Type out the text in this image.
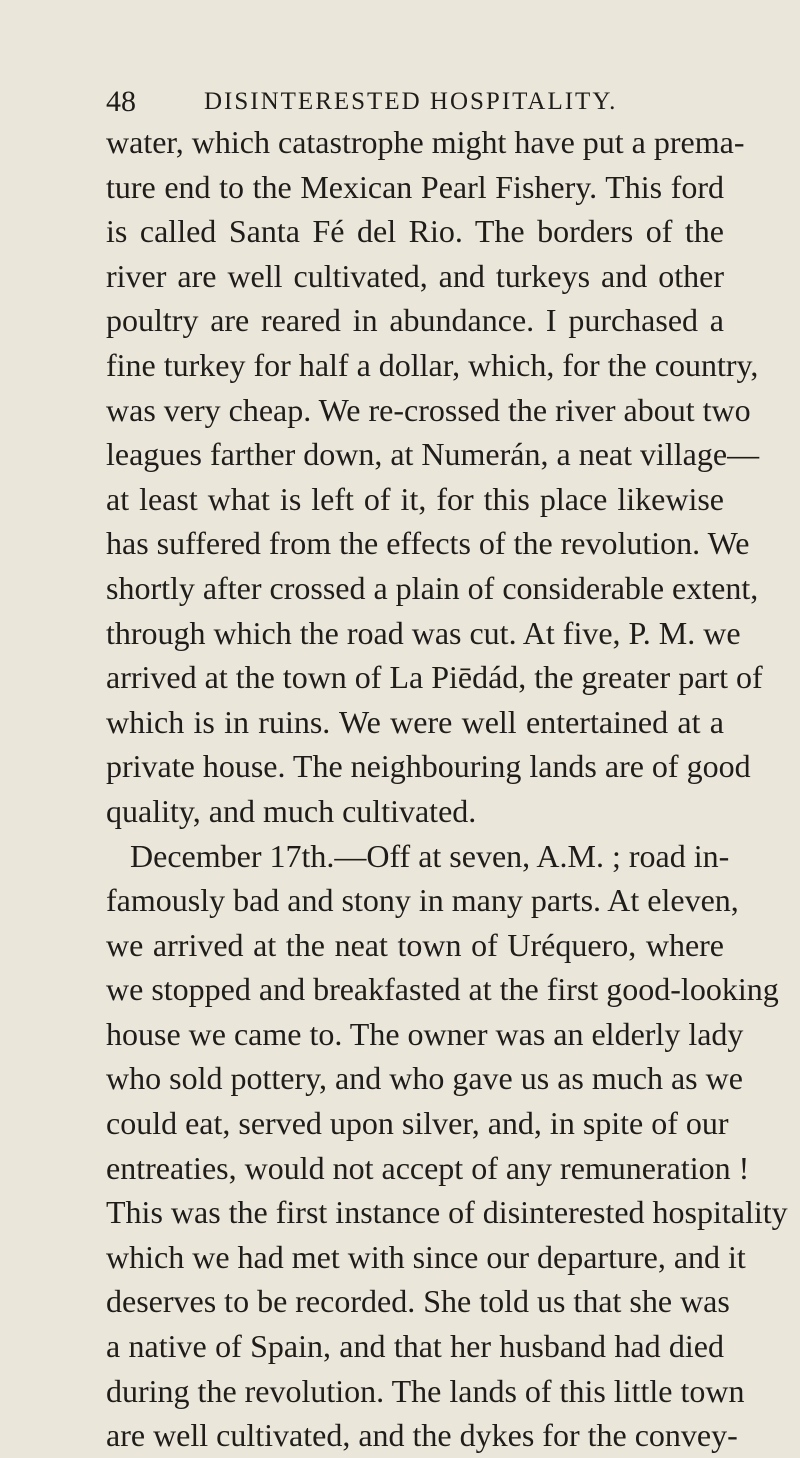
48	DISINTERESTED HOSPITALITY.
water, which catastrophe might have put a prema-
ture end to the Mexican Pearl Fishery. This ford
is called Santa Fé del Rio. The borders of the
river are well cultivated, and turkeys and other
poultry are reared in abundance. I purchased a
fine turkey for half a dollar, which, for the country,
was very cheap. We re-crossed the river about two
leagues farther down, at Numerán, a neat village—
at least what is left of it, for this place likewise
has suffered from the effects of the revolution. We
shortly after crossed a plain of considerable extent,
through which the road was cut. At five, P. M. we
arrived at the town of La Piēdád, the greater part of
which is in ruins. We were well entertained at a
private house. The neighbouring lands are of good
quality, and much cultivated.
December 17th.—Off at seven, A.M. ; road in-
famously bad and stony in many parts. At eleven,
we arrived at the neat town of Uréquero, where
we stopped and breakfasted at the first good-looking
house we came to. The owner was an elderly lady
who sold pottery, and who gave us as much as we
could eat, served upon silver, and, in spite of our
entreaties, would not accept of any remuneration !
This was the first instance of disinterested hospitality
which we had met with since our departure, and it
deserves to be recorded. She told us that she was
a native of Spain, and that her husband had died
during the revolution. The lands of this little town
are well cultivated, and the dykes for the convey-
